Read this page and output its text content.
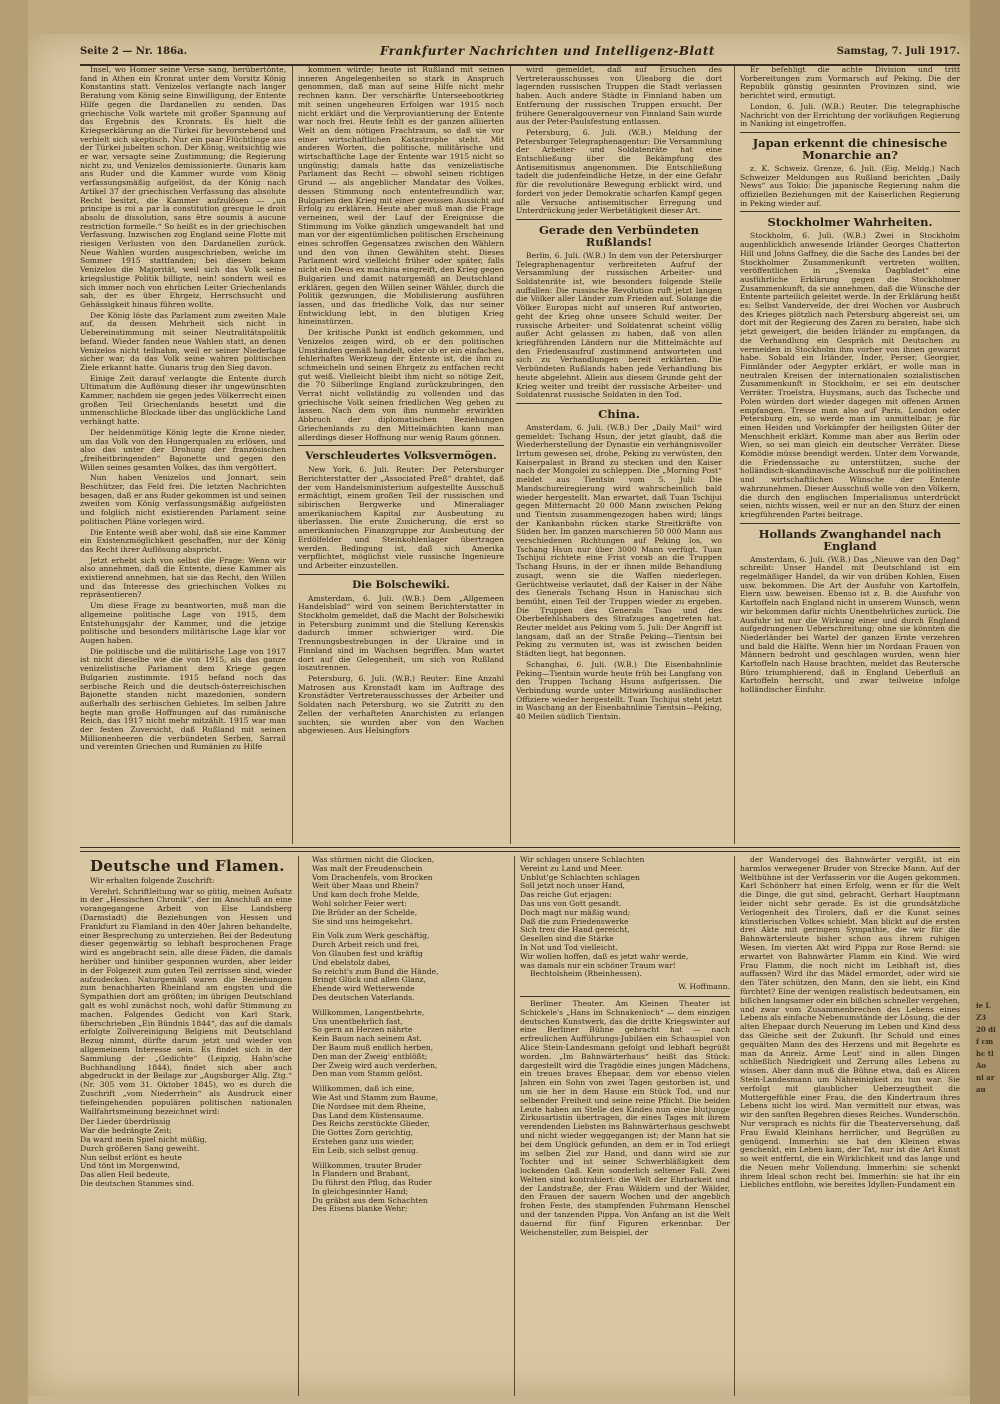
Seite 2 — Nr. 186a.	Frankfurter Nachrichten und Intelligenz-Blatt	Samstag, 7. Juli 1917.

Insel, wo Homer seine Verse sang, herübertönte, fand in Athen ein Kronrat unter dem Vorsitz König Konstantins statt. Venizelos verlangte nach langer Beratung vom König seine Einwilligung, der Entente Hilfe gegen die Dardanellen zu senden. Das griechische Volk wartete mit großer Spannung auf das Ergebnis des Kronrats. Es hielt die Kriegserklärung an die Türkei für bevorstehend und verhielt sich skeptisch. Nur ein paar Flüchtlinge aus der Türkei jubelten schon. Der König, weitsichtig wie er war, versagte seine Zustimmung; die Regierung nicht zu, und Venizelos demissionierte. Gunaris kam ans Ruder und die Kammer wurde vom König verfassungsmäßig aufgelöst, da der König nach Artikel 37 der griechischen Verfassung das absolute Recht besitzt, die Kammer aufzulösen — „un principe is roi a par la constitution grecque le droit absolu de dissolution, sans être soumis à aucune restriction formelle.“ So heißt es in der griechischen Verfassung. Inzwischen zog England seine Flotte mit riesigen Verlusten von den Dardanellen zurück. Neue Wahlen wurden ausgeschrieben, welche im Sommer 1915 stattfanden; bei diesen bekam Venizelos die Majorität, weil sich das Volk seine kriegslustige Politik billigte, nein! sondern weil es sich immer noch von ehrlichen Leiter Griechenlands sah, der es über Ehrgeiz, Herrschsucht und Gehässigkeit hinaus führen wollte.

Der König löste das Parlament zum zweiten Male auf, da dessen Mehrheit sich nicht in Uebereinstimmung mit seiner Neutralitätspolitik befand. Wieder fanden neue Wahlen statt, an denen Venizelos nicht teilnahm, weil er seiner Niederlage sicher war, da das Volk seine wahren politischen Ziele erkannt hatte. Gunaris trug den Sieg davon.

Einige Zeit darauf verlangte die Entente durch Ultimatum die Auflösung dieser ihr ungewünschten Kammer, nachdem sie gegen jedes Völkerrecht einen großen Teil Griechenlands besetzt und die unmenschliche Blockade über das unglückliche Land verhängt hatte.

Der heldenmütige König legte die Krone nieder, um das Volk von den Hungerqualen zu erlösen, und also das unter der Drohung der französischen „freiheitbringenden“ Bajonette und gegen den Willen seines gesamten Volkes, das ihm vergöttert.

Nun haben Venizelos und Jonnart, sein Beschützer, das Feld frei. Die letzten Nachrichten besagen, daß er ans Ruder gekommen ist und seinen zweiten vom König verfassungsmäßig aufgelösten und folglich nicht existierenden Parlament seine politischen Pläne vorlegen wird.

Die Entente weiß aber wohl, daß sie eine Kammer ein Existenzmöglichkeit geschaffen, nur der König das Recht ihrer Auflösung abspricht.

Jetzt erhebt sich von selbst die Frage: Wenn wir also annehmen, daß die Entente, diese Kammer als existierend annehmen, hat sie das Recht, den Willen und das Interesse des griechischen Volkes zu repräsentieren?

Um diese Frage zu beantworten, muß man die allgemeine politische Lage von 1915, dem Entstehungsjahr der Kammer, und die jetzige politische und besonders militärische Lage klar vor Augen haben.

Die politische und die militärische Lage von 1917 ist nicht dieselbe wie die von 1915, als das ganze venizelistische Parlament dem Kriege gegen Bulgarien zustimmte. 1915 befand noch das serbische Reich und die deutsch-österreichischen Bajonette standen nicht mazedonien, sondern außerhalb des serbischen Gebietes. Im selben Jahre hegte man große Hoffnungen auf das rumänische Reich, das 1917 nicht mehr mitzählt. 1915 war man der festen Zuversicht, daß Rußland mit seinen Millionenheeren die verbündeten Serben, Sarrail und vereinten Griechen und Rumänien zu Hilfe

kommen würde; heute ist Rußland mit seinen inneren Angelegenheiten so stark in Anspruch genommen, daß man auf seine Hilfe nicht mehr rechnen kann. Der verschärfte Unterseebootkrieg mit seinen ungeheuren Erfolgen war 1915 noch nicht erklärt und die Verproviantierung der Entente war noch frei. Heute fehlt es der ganzen alliierten Welt an dem nötigen Frachtraum, so daß sie vor einer wirtschaftlichen Katastrophe steht. Mit anderen Worten, die politische, militärische und wirtschaftliche Lage der Entente war 1915 nicht so ungünstig; damals hatte das venizelistische Parlament das Recht — obwohl seinen richtigen Grund — als angeblicher Mandatar des Volkes, dessen Stimmung noch ententefreundlich war, Bulgarien den Krieg mit einer gewissen Aussicht auf Erfolg zu erklären. Heute aber muß man die Frage verneinen, weil der Lauf der Ereignisse die Stimmung im Volke gänzlich umgewandelt hat und man vor der eigentümlichen politischen Erscheinung eines schroffen Gegensatzes zwischen den Wählern und den von ihnen Gewählten steht. Dieses Parlament wird vielleicht früher oder später, falls nicht ein Deus ex machina eingreift, den Krieg gegen Bulgarien und damit naturgemäß an Deutschland erklären, gegen den Willen seiner Wähler, durch die Politik gezwungen, die Mobilisierung ausführen lassen, und das friedliche Volk, das nur seiner Entwicklung lebt, in den blutigen Krieg hineinstürzen.

Der kritische Punkt ist endlich gekommen, und Venizelos zeigen wird, ob er den politischen Umständen gemäß handelt, oder ob er ein einfaches, fehlerhaftes Werkzeug der Entente ist, die ihm zu schmeicheln und seinen Ehrgeiz zu entfachen recht gut weiß. Vielleicht bleibt ihm nicht so nötige Zeit, die 70 Silberlinge England zurückzubringen, den Verrat nicht vollständig zu vollenden und das griechische Volk seinen friedlichen Weg gehen zu lassen. Nach dem von ihm nunmehr erwirkten Abbruch der diplomatischen Beziehungen Griechenlands zu den Mittelmächten kann man allerdings dieser Hoffnung nur wenig Raum gönnen.

Verschleudertes Volksvermögen.

New York, 6. Juli. Reuter: Der Petersburger Berichterstatter der „Associated Preß“ drahtet, daß der vom Handelsministerium aufgestellte Ausschuß ermächtigt, einem großen Teil der russischen und sibirischen Bergwerke und Mineraliager amerikanischem Kapital zur Ausbeutung zu überlassen. Die erste Zusicherung, die erst so amerikanischen Finanzgruppe zur Ausbeutung der Erdölfelder und Steinkohlenlager übertragen werden. Bedingung ist, daß sich Amerika verpflichtet, möglichst viele russische Ingenieure und Arbeiter einzustellen.

Die Bolschewiki.

Amsterdam, 6. Juli. (W.B.) Dem „Allgemeen Handelsblad“ wird von seinem Berichterstatter in Stockholm gemeldet, daß die Macht der Bolschewiki in Petersburg zunimmt und die Stellung Kerenskis dadurch immer schwieriger wird. Die Trennungsbestrebungen in der Ukraine und in Finnland sind im Wachsen begriffen. Man wartet dort auf die Gelegenheit, um sich von Rußland loszutrennen.

Petersburg, 6. Juli. (W.B.) Reuter: Eine Anzahl Matrosen aus Kronstadt kam im Auftrage des Kronstädter Vertreterausschusses der Arbeiter und Soldaten nach Petersburg, wo sie Zutritt zu den Zellen der verhafteten Anarchisten zu erlangen suchten, sie wurden aber von den Wachen abgewiesen. Aus Helsingfors

wird gemeldet, daß auf Ersuchen des Vertreterausschusses von Uleaborg die dort lagernden russischen Truppen die Stadt verlassen haben. Auch andere Städte in Finnland haben um Entfernung der russischen Truppen ersucht. Der frühere Generalgouverneur von Finnland Sain wurde aus der Peter-Paulsfestung entlassen.

Petersburg, 6. Juli. (W.B.) Meldung der Petersburger Telegraphenagentur: Die Versammlung der Arbeiter- und Soldatenräte hat eine Entschließung über die Bekämpfung des Antisemitismus angenommen. Die Entschließung tadelt die judenfeindliche Hetze, in der eine Gefahr für die revolutionäre Bewegung erblickt wird, und fordert von jeder Demokratie scharfen Kampf gegen alle Versuche antisemitischer Erregung und Unterdrückung jeder Werbetätigkeit dieser Art.

Gerade den Verbündeten Rußlands!

Berlin, 6. Juli. (W.B.) In dem von der Petersburger Telegraphenagentur verbreiteten Aufruf der Versammlung der russischen Arbeiter- und Soldatenräte ist, wie besonders folgende Stelle auffallen: Die russische Revolution ruft jetzt langen die Völker aller Länder zum Frieden auf. Solange die Völker Europas nicht auf unseren Ruf antworten, geht der Krieg ohne unsere Schuld weiter. Der russische Arbeiter- und Soldatenrat scheint völlig außer Acht gelassen zu haben, daß von allen kriegführenden Ländern nur die Mittelmächte auf den Friedensaufruf zustimmend antworteten und sich zu Verhandlungen bereit erklärten. Die Verbündeten Rußlands haben jede Verhandlung bis heute abgelehnt. Allein aus diesem Grunde geht der Krieg weiter und treibt der russische Arbeiter- und Soldatenrat russische Soldaten in den Tod.

China.

Amsterdam, 6. Juli. (W.B.) Der „Daily Mail“ wird gemeldet: Tschang Hsun, der jetzt glaubt, daß die Wiederherstellung der Dynastie ein verhängnisvoller Irrtum gewesen sei, drohe, Peking zu verwüsten, den Kaiserpalast in Brand zu stecken und den Kaiser nach der Mongolei zu schleppen. Die „Morning Post“ meldet aus Tientsin vom 5. Juli: Die Mandschureiregierung wird wahrscheinlich bald wieder hergestellt. Man erwartet, daß Tuan Tschijui gegen Mitternacht 20 000 Mann zwischen Peking und Tientsin zusammengezogen haben wird; längs der Kankanbahn rücken starke Streitkräfte von Süden her. Im ganzen marschieren 50 000 Mann aus verschiedenen Richtungen auf Peking los, wo Tschang Hsun nur über 3000 Mann verfügt. Tuan Tschijui richtete eine Frist vorab an die Truppen Tschang Hsuns, in der er ihnen milde Behandlung zusagt, wenn sie die Waffen niederlegen. Gerüchtweise verlautet, daß der Kaiser in der Nähe des Generals Tschang Hsun in Hanischau sich bemüht, einen Teil der Truppen wieder zu ergeben. Die Truppen des Generals Tsao und des Oberbefehlshabers des Strafzuges angetreten hat. Reuter meldet aus Peking vom 5. Juli: Der Angriff ist langsam, daß an der Straße Peking—Tientsin bei Peking zu vermuten ist, was ist zwischen beiden Städten liegt, hat begonnen.

Schanghai, 6. Juli. (W.B.) Die Eisenbahnlinie Peking—Tientsin wurde heute früh bei Langfang von den Truppen Tschang Hsuns aufgerissen. Die Verbindung wurde unter Mitwirkung ausländischer Offiziere wieder hergestellt. Tuan Tschijui steht jetzt in Waschang an der Eisenbahnlinie Tientsin—Peking, 40 Meilen südlich Tientsin.

Er befehligt die achte Division und tritt Vorbereitungen zum Vormarsch auf Peking. Die der Republik günstig gesinnten Provinzen sind, wie berichtet wird, ermutigt.

London, 6. Juli. (W.B.) Reuter. Die telegraphische Nachricht von der Errichtung der vorläufigen Regierung in Nanking ist eingetroffen.

Japan erkennt die chinesische Monarchie an?

z. K. Schweiz. Grenze, 6. Juli. (Eig. Meldg.) Nach Schweizer Meldungen aus Rußland berichten „Daily News“ aus Tokio: Die japanische Regierung nahm die offiziellen Beziehungen mit der Kaiserlichen Regierung in Peking wieder auf.

Stockholmer Wahrheiten.

Stockholm, 6. Juli. (W.B.) Zwei in Stockholm augenblicklich anwesende Irländer Georges Chatterton Hill und Johns Gaffney, die die Sache des Landes bei der Stockholmer Zusammenkunft vertreten wollten, veröffentlichen in „Svenska Dagbladet“ eine ausführliche Erklärung gegen die Stockholmer Zusammenkunft, da sie annehmen, daß die Wünsche der Entente parteilich geleitet werde. In der Erklärung heißt es: Selbst Vandervelde, der drei Wochen vor Ausbruch des Krieges plötzlich nach Petersburg abgereist sei, um dort mit der Regierung des Zaren zu beraten, habe sich jetzt geweigert, die beiden Irländer zu empfangen, da die Verhandlung ein Gespräch mit Deutschen zu vermeiden in Stockholm ihm vorher von ihnen gewarnt habe. Sobald ein Irländer, Inder, Perser, Georgier, Finnländer oder Aegypter erklärt, er wolle man in neutralen Kreisen der internationalen sozialistischen Zusammenkunft in Stockholm, er sei ein deutscher Verräter. Troelstra, Huysmans, auch das Tscheche und Polen würden dort wieder dagegen mit offenen Armen empfangen. Tresse man also auf Paris, London oder Petersburg ein, so werde man im unmittelbar, je für einen Heiden und Vorkämpfer der heiligsten Güter der Menschheit erklärt. Komme man aber aus Berlin oder Wien, so sei man gleich ein deutscher Verräter. Diese Komödie müsse beendigt werden. Unter dem Vorwande, die Friedenssache zu unterstützen, suche der holländisch-skandinavische Ausschuß nur die politischen und wirtschaftlichen Wünsche der Entente wahrzunehmen. Dieser Ausschuß wolle von den Völkern, die durch den englischen Imperialismus unterdrückt seien, nichts wissen, weil er nur an den Sturz der einen kriegführenden Partei beitrage.

Hollands Zwanghandel nach England

Amsterdam, 6. Juli. (W.B.) Das „Nieuwe van den Dag“ schreibt: Unser Handel mit Deutschland ist ein regelmäßiger Handel, da wir von drüben Kohlen, Eisen usw. bekommen. Die Art der Ausfuhr von Kartoffeln, Eiern usw. beweisen. Ebenso ist z. B. die Ausfuhr von Kartoffeln nach England nicht in unserem Wunsch, wenn wir bekommen dafür nichts Unentbehrliches zurück. Die Ausfuhr ist nur die Wirkung einer und durch England aufgedrungenen Ueberschreitung; ohne sie könnten die Niederländer bei Wartel der ganzen Ernte verzehren und bald die Hälfte. Wenn hier im Nordaan Frauen von Männern bedroht und geschlagen wurden, wenn hier Kartoffeln nach Hause brachten, meldet das Reutersche Büro triumphierend, daß in England Ueberfluß an Kartoffeln herrscht, und zwar teilweise infolge holländischer Einfuhr.

Deutsche und Flamen.

Wir erhalten folgende Zuschrift:

Verehrl. Schriftleitung war so gütig, meinen Aufsatz in der „Hessischen Chronik“, der im Anschluß an eine vorangegangene Arbeit von Else Landsberg (Darmstadt) die Beziehungen von Hessen und Frankfurt zu Flamland in den 40er Jahren behandelte, einer Besprechung zu unterziehen. Bei der Bedeutung dieser gegenwärtig so lebhaft besprochenen Frage wird es angebracht sein, alle diese Fäden, die damals herüber und hinüber gesponnen wurden, aber leider in der Folgezeit zum guten Teil zerrissen sind, wieder aufzudecken. Naturgemäß waren die Beziehungen zum benachbarten Rheinland am engsten und die Sympathien dort am größten; im übrigen Deutschland galt es wohl zunächst noch, wohl dafür Stimmung zu machen. Folgendes Gedicht von Karl Stark, überschrieben „Ein Bündnis 1844“, das auf die damals erfolgte Zollvereinigung Belgiens mit Deutschland Bezug nimmt, dürfte darum jetzt und wieder von allgemeinem Interesse sein. Es findet sich in der Sammlung der „Gedichte“ (Leipzig, Hahn'sche Buchhandlung 1844), findet sich aber auch abgedruckt in der Beilage zur „Augsburger Allg. Ztg.“ (Nr. 305 vom 31. Oktober 1845), wo es durch die Zuschrift „vom Niederrhein“ als Ausdruck einer tiefeingehenden populären politischen nationalen Wallfahrtsmeinung bezeichnet wird:

Der Lieder überdrüssig

War die bedrängte Zeit;

Da ward mein Spiel nicht müßig,

Durch größeren Sang geweiht.

Nun selbst erlönt es heute

Und tönt im Morgenwind,

Das allen Heil bedeute,

Die deutschen Stammes sind.

Was stürmen nicht die Glocken,

Was malt der Freudenschein

Vom Drachenfels, vom Brocken

Weit über Maas und Rhein?

Und kam doch frohe Melde,

Wohl solcher Feier wert:

Die Brüder an der Schelde,

Sie sind uns heimgekehrt.

Ein Volk zum Werk geschäftig,

Durch Arbeit reich und frei,

Von Glauben fest und kräftig

Und ebelstolz dabei,

So reicht's zum Bund die Hände,

Bringt Glück und allen Glanz,

Ehende wird Wetterwende

Des deutschen Vaterlands.

Willkommen, Langentbehrte,

Uns unentbehrlich fast,

So gern an Herzen nährte

Kein Baum nach seinem Ast.

Der Baum muß endlich herben,

Den man der Zweig' entblößt;

Der Zweig wird auch verderben,

Den man vom Stamm gelöst.

Willkommen, daß ich eine,

Wie Ast und Stamm zum Baume,

Die Nordsee mit dem Rheine,

Das Land dem Küstensaume.

Des Reichs zerstückte Glieder,

Die Gottes Zorn gerichtig,

Erstehen ganz uns wieder,

Ein Leib, sich selbst genug.

Willkommen, trauter Bruder

In Flandern und Brabant,

Du führst den Pflug, das Ruder

In gleichgesinnter Hand;

Du gräbst aus dem Schachten

Des Eisens blanke Wehr;

Wir schlagen unsere Schlachten

Vereint zu Land und Meer.

Unblut'ge Schlachten schlagen

Soll jetzt noch unser Hand,

Das reiche Gut erjagen:

Das uns von Gott gesandt.

Doch magt nur mäßig wund;

Daß die zum Friedenswerke

Sich treu die Hand gereicht,

Gesellen sind die Stärke

In Not und Tod vielleicht.

Wir wollen hoffen, daß es jetzt wahr werde,

was damals nur ein schöner Traum war!

Bechtolsheim (Rheinhessen).
W. Hoffmann.

Berliner Theater. Am Kleinen Theater ist Schickele's „Hans im Schnakenloch“ — dem einzigen deutschen Kunstwerk, das die dritte Kriegswinter auf eine Berliner Bühne gebracht hat — nach erfreulichen Aufführungs-Jubiläen ein Schauspiel von Alice Stein-Landesmann gefolgt und lebhaft begrüßt worden. „Im Bahnwärterhaus“ heißt das Stück: dargestellt wird die Tragödie eines jungen Mädchens, ein treues braves Ehepaar, dem vor ebenso vielen Jahren ein Sohn von zwei Tagen gestorben ist, und um sie her in dem Hause ein Stück Tod, und nur selbender Freiheit und seine reine Pflicht. Die beiden Leute haben an Stelle des Kindes nun eine blutjunge Zirkusartistin übertragen, die eines Tages mit ihrem verendenden Liebsten ins Bahnwärterhaus geschwebt und nicht wieder weggegangen ist; der Mann hat sie bei dem Unglück gefunden, an dem er in Tod erliegt im selben Ziel zur Hand, und dann wird sie zur Tochter und ist seiner Schwerbläßigkeit dem lockenden Gaß. Kein sonderlich seltener Fall. Zwei Welten sind kontrahiert: die Welt der Ehrbarkeit und der Landstraße, der Frau Wäldern und der Wälder, den Frauen der sauern Wochen und der angeblich frohen Feste, des stampfenden Fuhrmann Henschel und der tanzenden Pippa. Von Anfang an ist die Welt dauernd für fünf Figuren erkennbar. Der Weichensteller, zum Beispiel, der

der Wandervogel des Bahnwärter vergißt, ist ein harmlos verwegener Bruder von Strecke Mann. Auf der Weltbühne ist der Verfasserin vor die Augen gekommen. Karl Schönherr hat einen Erfolg, wenn er für die Welt die Dinge, die gut sind, gebracht, Gerhart Hauptmann leider nicht sehr gerade. Es ist die grundsätzliche Verlogenheit des Tirolers, daß er die Kunst seines künstlerischen Volkes schiebt. Man blickt auf die ersten drei Akte mit geringem Sympathie, die wir für die Bahnwärtersleute bisher schon aus ihrem ruhigen Wesen. Im vierten Akt wird Pippa zur Rose Bernd: sie erwartet von Bahnwärter Flamm ein Kind. Wie wird Frau Flamm, die noch nicht im Leibhaft ist, dies auffassen? Wird ihr das Mädel ermordet, oder wird sie den Täter schützen, den Mann, den sie liebt, ein Kind fürchtet? Eine der wenigen realistisch bedeutsamen, ein bißchen langsamer oder ein bißchen schneller vergehen, und zwar vom Zusammenbrechen des Lebens eines Lebens als einfache Nebenumstände der Lösung, die der alten Ehepaar durch Neuerung im Leben und Kind dess das Gleiche seit der Zukunft. Ihr Schuld und eines gequälten Mann des des Herzens und mit Begehrte es man da Anreiz. Arme Leut' sind in allen Dingen schließlich Niedrigkeit und Zerrung alles Lebens zu wissen. Aber dann muß die Bühne etwa, daß es Alicen Stein-Landesmann um Nähreinigkeit zu tun war. Sie verfolgt mit glaublicher Ueberzeugtheit die Muttergefühle einer Frau, die den Kindertraum ihres Lebens nicht los wird. Man vermittelt nur etwas, was wir den sanften Begehren dieses Reiches. Wunderschön. Nur versprach es nichts für die Theaterversehung, daß Frau Ewald Kleinhans herrlicher, und Begrüßen zu genügend. Immerhin: sie hat den Kleinen etwas geschenkt, ein Leben kam, der Tat, nur ist die Art Kunst so weit entfernt, die ein Wirklichkeit und das lange und die Neuen mehr Vollendung. Immerhin: sie schenkt ihrem Ideal schon recht bei. Immerhin: sie hat ihr ein Liebliches entflohn, wie bereites Idyllen-Fundament ein

ie L Z3 20 di f cm hc tl Ao ni ar au
